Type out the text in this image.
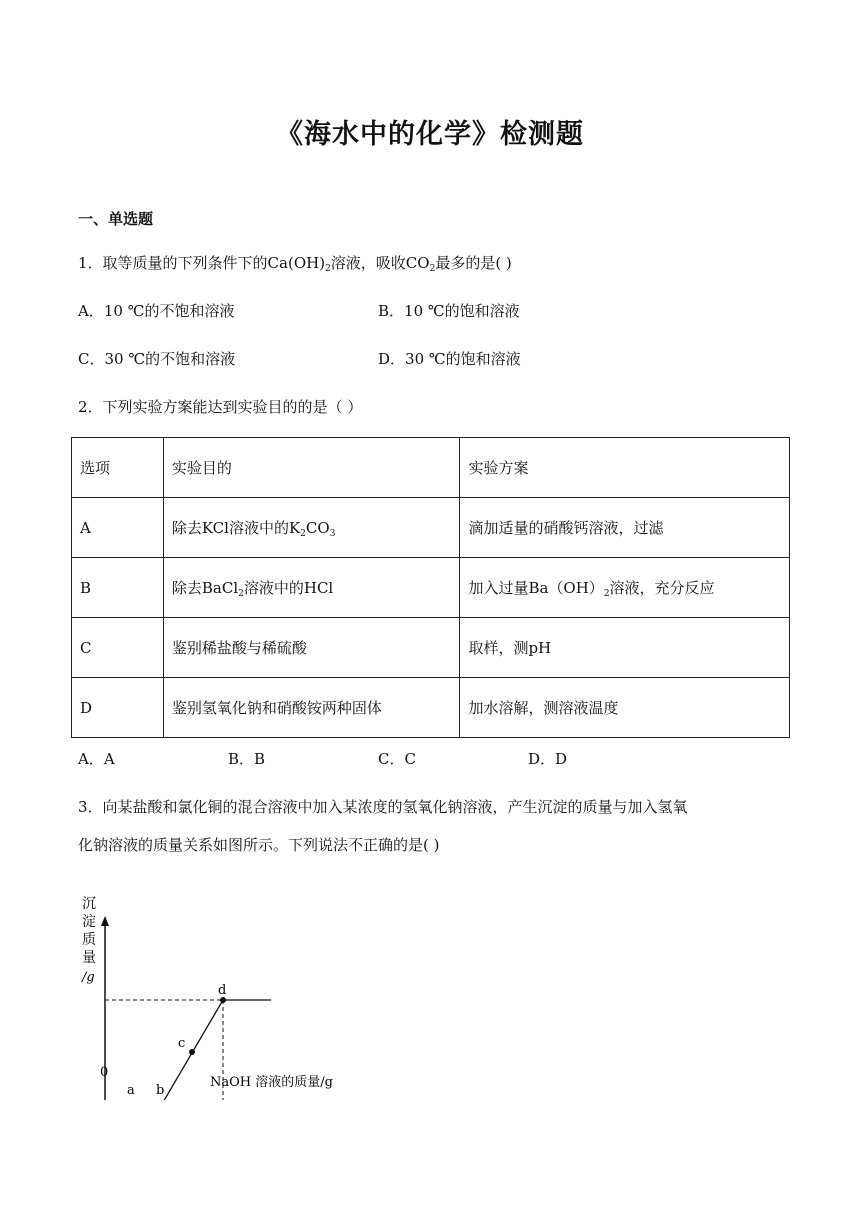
《海水中的化学》检测题
一、单选题
1．取等质量的下列条件下的$Ca(OH)_2$溶液，吸收$CO_2$最多的是( )
A．10 ℃的不饱和溶液	B．10 ℃的饱和溶液
C．30 ℃的不饱和溶液	D．30 ℃的饱和溶液
2．下列实验方案能达到实验目的的是（ ）
选项	实验目的	实验方案
A	除去KCl溶液中的$K_2CO_3$	滴加适量的硝酸钙溶液，过滤
B	除去BaCl$_2$溶液中的HCl	加入过量$Ba(OH)_2$溶液，充分反应
C	鉴别稀盐酸与稀硫酸	取样，测pH
D	鉴别氢氧化钠和硝酸铵两种固体	加水溶解，测溶液温度
A．A	B．B	C．C	D．D
3．向某盐酸和氯化铜的混合溶液中加入某浓度的氢氧化钠溶液，产生沉淀的质量与加入氢氧
化钠溶液的质量关系如图所示。下列说法不正确的是( )
沉
淀
质
量
/g
0
a b
c
d
NaOH 溶液的质量/g
